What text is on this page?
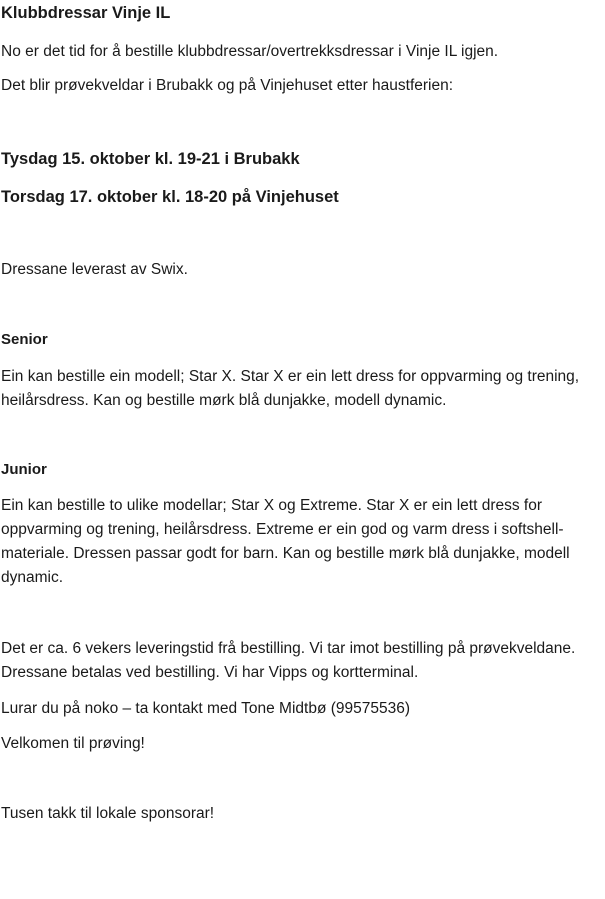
Klubbdressar Vinje IL

No er det tid for å bestille klubbdressar/overtrekksdressar i Vinje IL igjen.

Det blir prøvekveldar i Brubakk og på Vinjehuset etter haustferien:

Tysdag 15. oktober kl. 19-21 i Brubakk

Torsdag 17. oktober kl. 18-20 på Vinjehuset

Dressane leverast av Swix.

Senior

Ein kan bestille ein modell; Star X. Star X er ein lett dress for oppvarming og trening, heilårsdress. Kan og bestille mørk blå dunjakke, modell dynamic.

Junior

Ein kan bestille to ulike modellar; Star X og Extreme. Star X er ein lett dress for oppvarming og trening, heilårsdress. Extreme er ein god og varm dress i softshell-materiale. Dressen passar godt for barn. Kan og bestille mørk blå dunjakke, modell dynamic.

Det er ca. 6 vekers leveringstid frå bestilling. Vi tar imot bestilling på prøvekveldane. Dressane betalas ved bestilling. Vi har Vipps og kortterminal.

Lurar du på noko – ta kontakt med Tone Midtbø (99575536)

Velkomen til prøving!

Tusen takk til lokale sponsorar!
